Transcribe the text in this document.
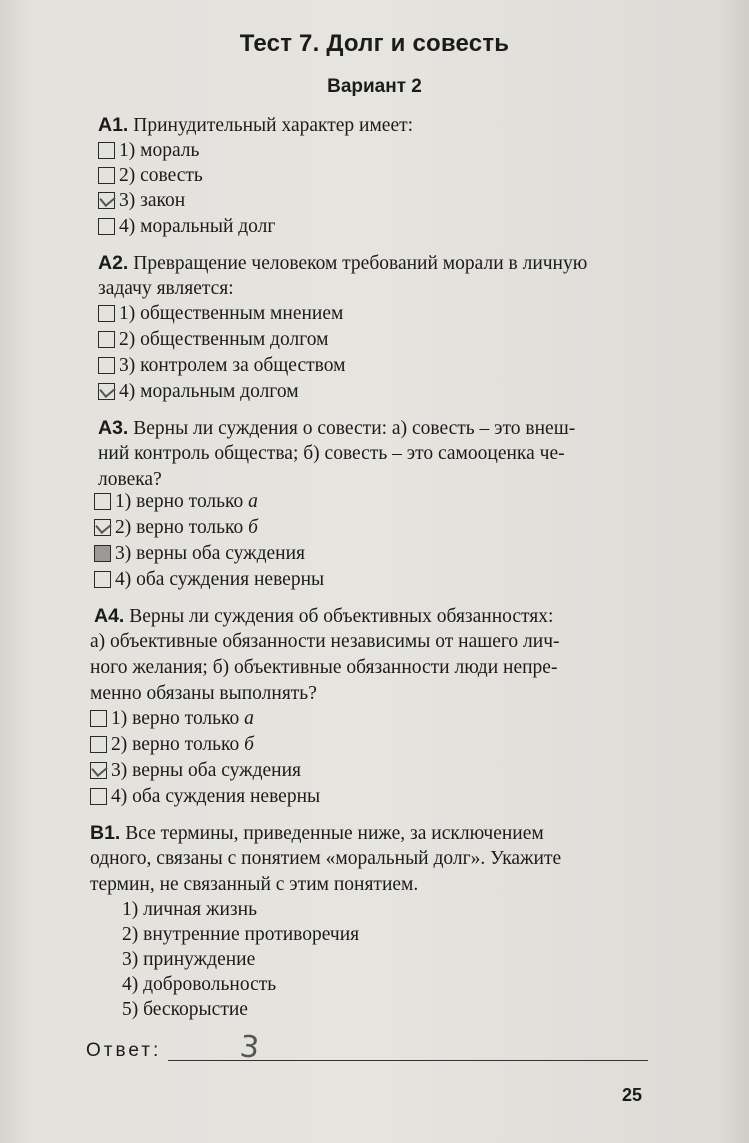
Тест 7. Долг и совесть
Вариант 2
А1. Принудительный характер имеет:
1) мораль
2) совесть
3) закон
4) моральный долг
А2. Превращение человеком требований морали в личную
задачу является:
1) общественным мнением
2) общественным долгом
3) контролем за обществом
4) моральным долгом
А3. Верны ли суждения о совести: а) совесть – это внеш-
ний контроль общества; б) совесть – это самооценка че-
ловека?
1) верно только а
2) верно только б
3) верны оба суждения
4) оба суждения неверны
А4. Верны ли суждения об объективных обязанностях:
а) объективные обязанности независимы от нашего лич-
ного желания; б) объективные обязанности люди непре-
менно обязаны выполнять?
1) верно только а
2) верно только б
3) верны оба суждения
4) оба суждения неверны
В1. Все термины, приведенные ниже, за исключением
одного, связаны с понятием «моральный долг». Укажите
термин, не связанный с этим понятием.
1) личная жизнь
2) внутренние противоречия
3) принуждение
4) добровольность
5) бескорыстие
Ответ:	3
25
